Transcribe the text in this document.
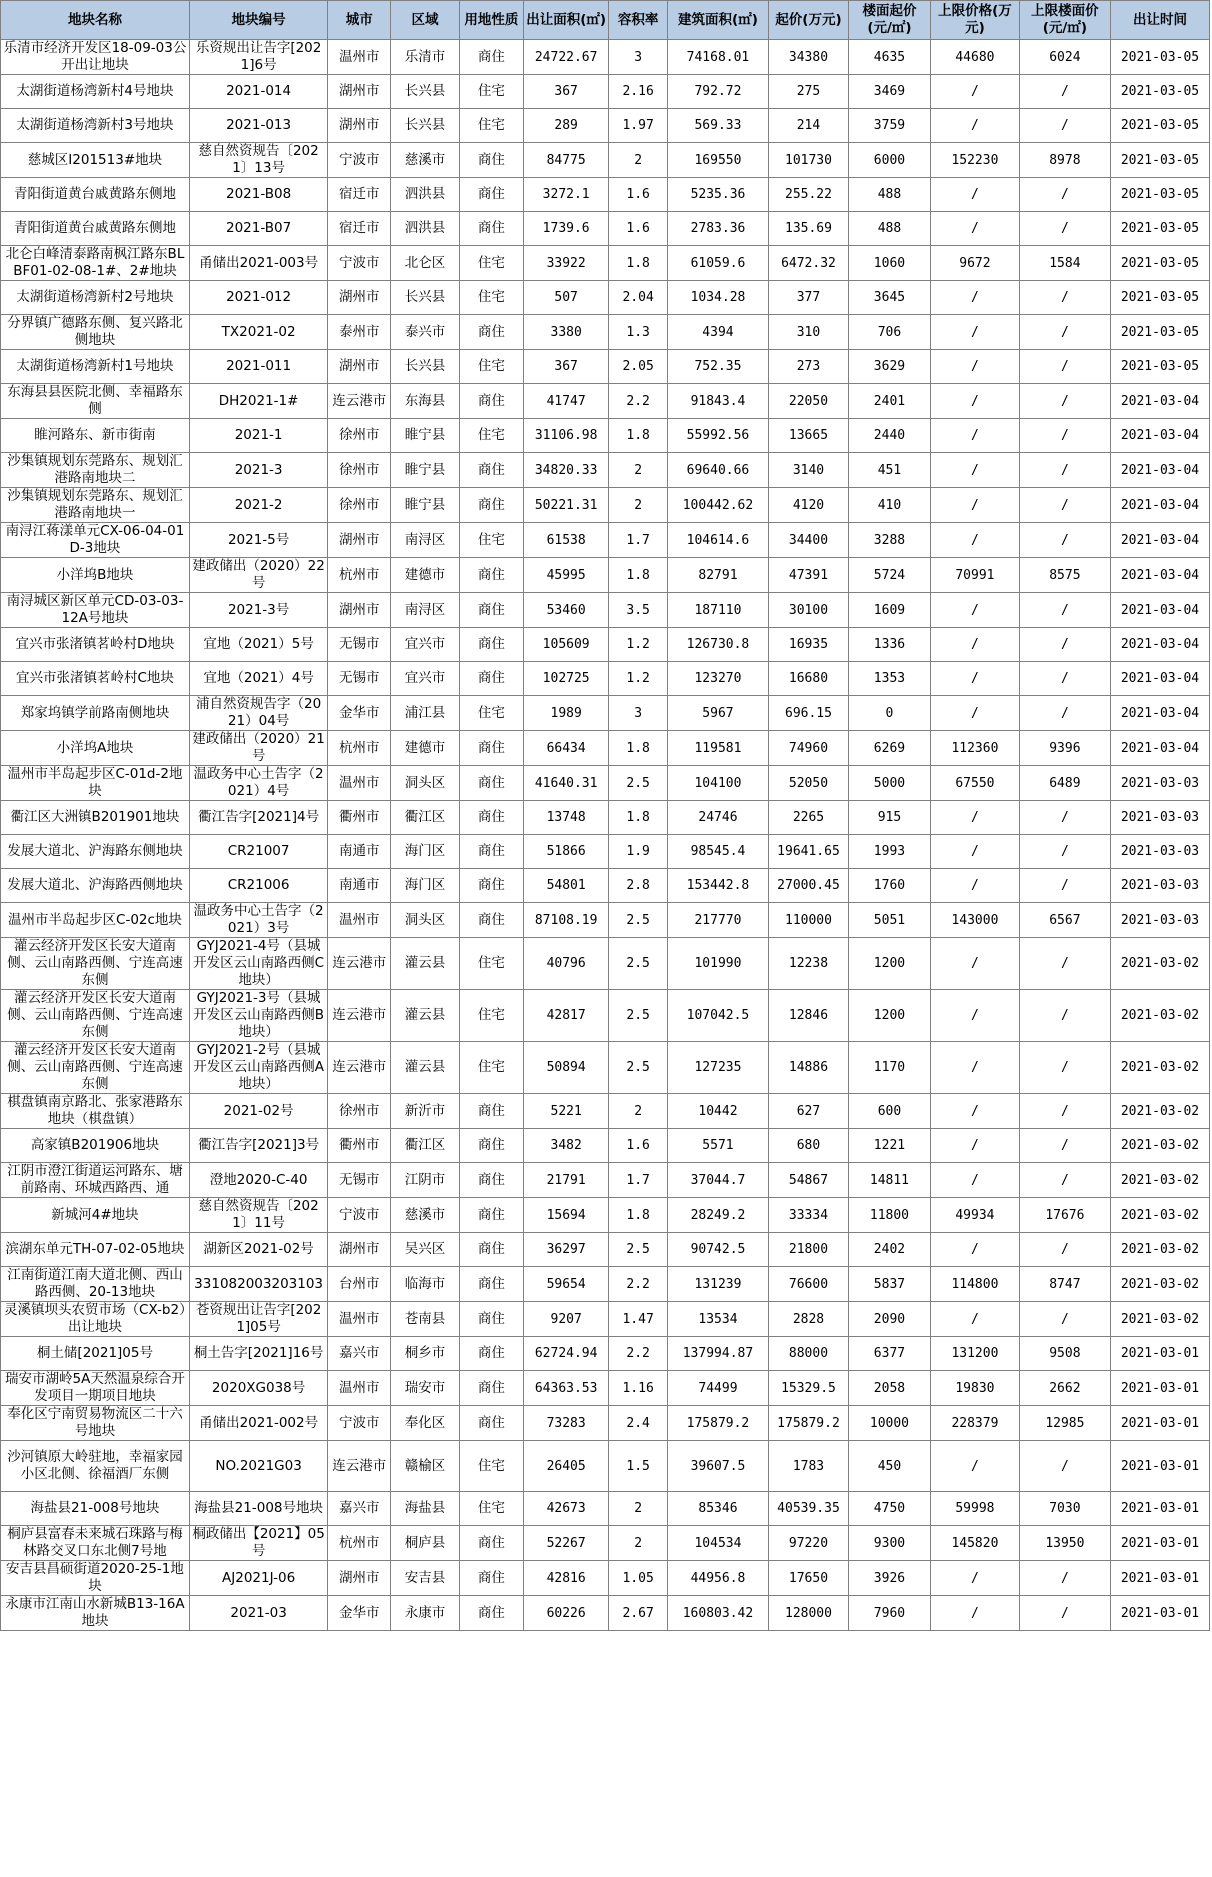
地块名称	地块编号	城市	区域	用地性质	出让面积(㎡)	容积率	建筑面积(㎡)	起价(万元)	楼面起价(元/㎡)	上限价格(万元)	上限楼面价(元/㎡)	出让时间
乐清市经济开发区18-09-03公开出让地块	乐资规出让告字[2021]6号	温州市	乐清市	商住	24722.67	3	74168.01	34380	4635	44680	6024	2021-03-05
太湖街道杨湾新村4号地块	2021-014	湖州市	长兴县	住宅	367	2.16	792.72	275	3469	/	/	2021-03-05
太湖街道杨湾新村3号地块	2021-013	湖州市	长兴县	住宅	289	1.97	569.33	214	3759	/	/	2021-03-05
慈城区I201513#地块	慈自然资规告〔2021〕13号	宁波市	慈溪市	商住	84775	2	169550	101730	6000	152230	8978	2021-03-05
青阳街道黄台戚黄路东侧地	2021-B08	宿迁市	泗洪县	商住	3272.1	1.6	5235.36	255.22	488	/	/	2021-03-05
青阳街道黄台戚黄路东侧地	2021-B07	宿迁市	泗洪县	商住	1739.6	1.6	2783.36	135.69	488	/	/	2021-03-05
北仑白峰清泰路南枫江路东BLBF01-02-08-1#、2#地块	甬储出2021-003号	宁波市	北仑区	住宅	33922	1.8	61059.6	6472.32	1060	9672	1584	2021-03-05
太湖街道杨湾新村2号地块	2021-012	湖州市	长兴县	住宅	507	2.04	1034.28	377	3645	/	/	2021-03-05
分界镇广德路东侧、复兴路北侧地块	TX2021-02	泰州市	泰兴市	商住	3380	1.3	4394	310	706	/	/	2021-03-05
太湖街道杨湾新村1号地块	2021-011	湖州市	长兴县	住宅	367	2.05	752.35	273	3629	/	/	2021-03-05
东海县县医院北侧、幸福路东侧	DH2021-1#	连云港市	东海县	商住	41747	2.2	91843.4	22050	2401	/	/	2021-03-04
睢河路东、新市街南	2021-1	徐州市	睢宁县	住宅	31106.98	1.8	55992.56	13665	2440	/	/	2021-03-04
沙集镇规划东莞路东、规划汇港路南地块二	2021-3	徐州市	睢宁县	商住	34820.33	2	69640.66	3140	451	/	/	2021-03-04
沙集镇规划东莞路东、规划汇港路南地块一	2021-2	徐州市	睢宁县	商住	50221.31	2	100442.62	4120	410	/	/	2021-03-04
南浔江蒋漾单元CX-06-04-01D-3地块	2021-5号	湖州市	南浔区	住宅	61538	1.7	104614.6	34400	3288	/	/	2021-03-04
小洋坞B地块	建政储出（2020）22号	杭州市	建德市	商住	45995	1.8	82791	47391	5724	70991	8575	2021-03-04
南浔城区新区单元CD-03-03-12A号地块	2021-3号	湖州市	南浔区	商住	53460	3.5	187110	30100	1609	/	/	2021-03-04
宜兴市张渚镇茗岭村D地块	宜地（2021）5号	无锡市	宜兴市	商住	105609	1.2	126730.8	16935	1336	/	/	2021-03-04
宜兴市张渚镇茗岭村C地块	宜地（2021）4号	无锡市	宜兴市	商住	102725	1.2	123270	16680	1353	/	/	2021-03-04
郑家坞镇学前路南侧地块	浦自然资规告字（2021）04号	金华市	浦江县	住宅	1989	3	5967	696.15	0	/	/	2021-03-04
小洋坞A地块	建政储出（2020）21号	杭州市	建德市	商住	66434	1.8	119581	74960	6269	112360	9396	2021-03-04
温州市半岛起步区C-01d-2地块	温政务中心土告字（2021）4号	温州市	洞头区	商住	41640.31	2.5	104100	52050	5000	67550	6489	2021-03-03
衢江区大洲镇B201901地块	衢江告字[2021]4号	衢州市	衢江区	商住	13748	1.8	24746	2265	915	/	/	2021-03-03
发展大道北、沪海路东侧地块	CR21007	南通市	海门区	商住	51866	1.9	98545.4	19641.65	1993	/	/	2021-03-03
发展大道北、沪海路西侧地块	CR21006	南通市	海门区	商住	54801	2.8	153442.8	27000.45	1760	/	/	2021-03-03
温州市半岛起步区C-02c地块	温政务中心土告字（2021）3号	温州市	洞头区	商住	87108.19	2.5	217770	110000	5051	143000	6567	2021-03-03
灌云经济开发区长安大道南侧、云山南路西侧、宁连高速东侧	GYJ2021-4号（县城开发区云山南路西侧C地块）	连云港市	灌云县	住宅	40796	2.5	101990	12238	1200	/	/	2021-03-02
灌云经济开发区长安大道南侧、云山南路西侧、宁连高速东侧	GYJ2021-3号（县城开发区云山南路西侧B地块）	连云港市	灌云县	住宅	42817	2.5	107042.5	12846	1200	/	/	2021-03-02
灌云经济开发区长安大道南侧、云山南路西侧、宁连高速东侧	GYJ2021-2号（县城开发区云山南路西侧A地块）	连云港市	灌云县	住宅	50894	2.5	127235	14886	1170	/	/	2021-03-02
棋盘镇南京路北、张家港路东地块（棋盘镇）	2021-02号	徐州市	新沂市	商住	5221	2	10442	627	600	/	/	2021-03-02
高家镇B201906地块	衢江告字[2021]3号	衢州市	衢江区	商住	3482	1.6	5571	680	1221	/	/	2021-03-02
江阴市澄江街道运河路东、塘前路南、环城西路西、通	澄地2020-C-40	无锡市	江阴市	商住	21791	1.7	37044.7	54867	14811	/	/	2021-03-02
新城河4#地块	慈自然资规告〔2021〕11号	宁波市	慈溪市	商住	15694	1.8	28249.2	33334	11800	49934	17676	2021-03-02
滨湖东单元TH-07-02-05地块	湖新区2021-02号	湖州市	吴兴区	商住	36297	2.5	90742.5	21800	2402	/	/	2021-03-02
江南街道江南大道北侧、西山路西侧、20-13地块	331082003203103	台州市	临海市	商住	59654	2.2	131239	76600	5837	114800	8747	2021-03-02
灵溪镇坝头农贸市场（CX-b2）出让地块	苍资规出让告字[2021]05号	温州市	苍南县	商住	9207	1.47	13534	2828	2090	/	/	2021-03-02
桐土储[2021]05号	桐土告字[2021]16号	嘉兴市	桐乡市	商住	62724.94	2.2	137994.87	88000	6377	131200	9508	2021-03-01
瑞安市湖岭5A天然温泉综合开发项目一期项目地块	2020XG038号	温州市	瑞安市	商住	64363.53	1.16	74499	15329.5	2058	19830	2662	2021-03-01
奉化区宁南贸易物流区二十六号地块	甬储出2021-002号	宁波市	奉化区	商住	73283	2.4	175879.2	175879.2	10000	228379	12985	2021-03-01
沙河镇原大岭驻地，幸福家园小区北侧、徐福酒厂东侧	NO.2021G03	连云港市	赣榆区	住宅	26405	1.5	39607.5	1783	450	/	/	2021-03-01
海盐县21-008号地块	海盐县21-008号地块	嘉兴市	海盐县	住宅	42673	2	85346	40539.35	4750	59998	7030	2021-03-01
桐庐县富春未来城石珠路与梅林路交叉口东北侧7号地	桐政储出【2021】05号	杭州市	桐庐县	商住	52267	2	104534	97220	9300	145820	13950	2021-03-01
安吉县昌硕街道2020-25-1地块	AJ2021J-06	湖州市	安吉县	商住	42816	1.05	44956.8	17650	3926	/	/	2021-03-01
永康市江南山水新城B13-16A地块	2021-03	金华市	永康市	商住	60226	2.67	160803.42	128000	7960	/	/	2021-03-01
